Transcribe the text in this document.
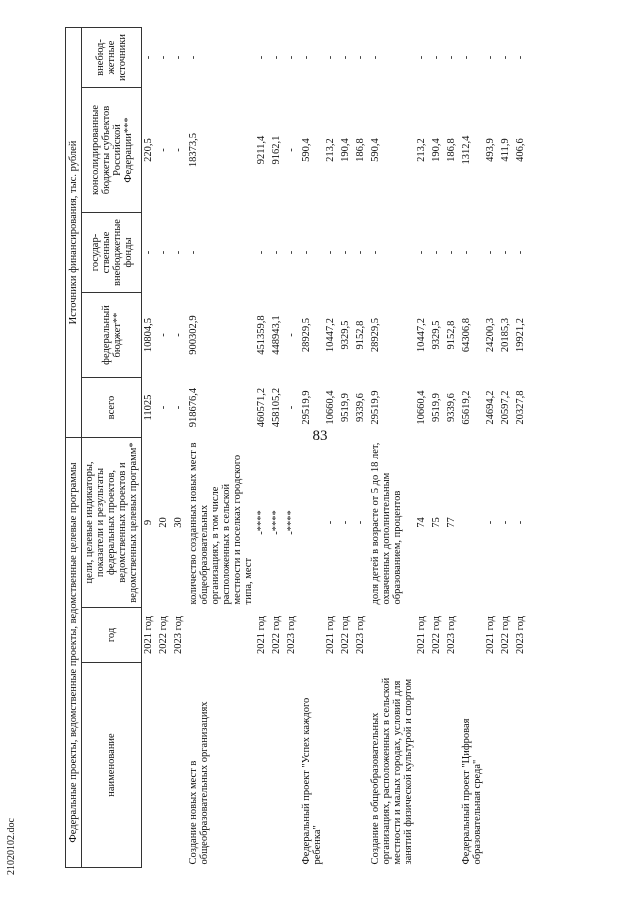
83
21020102.doc
Федеральные проекты, ведомственные проекты, ведомственные целевые программы			Источники финансирования, тыс. рублей				
наименование	год	цели, целевые индикаторы, показатели и результаты федеральных проектов, ведомственных проектов и ведомственных целевых программ*	всего	федеральный бюджет**	государ-ственные внебюджетные фонды	консолидированные бюджеты субъектов Российской Федерации***	внебюд-жетные источники
	2021 год	9	11025	10804,5	-	220,5	-
	2022 год	20	-	-	-	-	-
	2023 год	30	-	-	-	-	-
Создание новых мест в общеобразовательных организациях		количество созданных новых мест в общеобразовательных организациях, в том числе расположенных в сельской местности и поселках городского типа, мест	918676,4	900302,9	-	18373,5	-
	2021 год	-****	460571,2	451359,8	-	9211,4	-
	2022 год	-****	458105,2	448943,1	-	9162,1	-
	2023 год	-****	-	-	-	-	-
Федеральный проект "Успех каждого ребенка"			29519,9	28929,5	-	590,4	-
	2021 год	-	10660,4	10447,2	-	213,2	-
	2022 год	-	9519,9	9329,5	-	190,4	-
	2023 год	-	9339,6	9152,8	-	186,8	-
Создание в общеобразовательных организациях, расположенных в сельской местности и малых городах, условий для занятий физической культурой и спортом		доля детей в возрасте от 5 до 18 лет, охваченных дополнительным образованием, процентов	29519,9	28929,5	-	590,4	-
	2021 год	74	10660,4	10447,2	-	213,2	-
	2022 год	75	9519,9	9329,5	-	190,4	-
	2023 год	77	9339,6	9152,8	-	186,8	-
Федеральный проект "Цифровая образовательная среда"			65619,2	64306,8	-	1312,4	-
	2021 год	-	24694,2	24200,3	-	493,9	-
	2022 год	-	20597,2	20185,3	-	411,9	-
	2023 год	-	20327,8	19921,2	-	406,6	-
